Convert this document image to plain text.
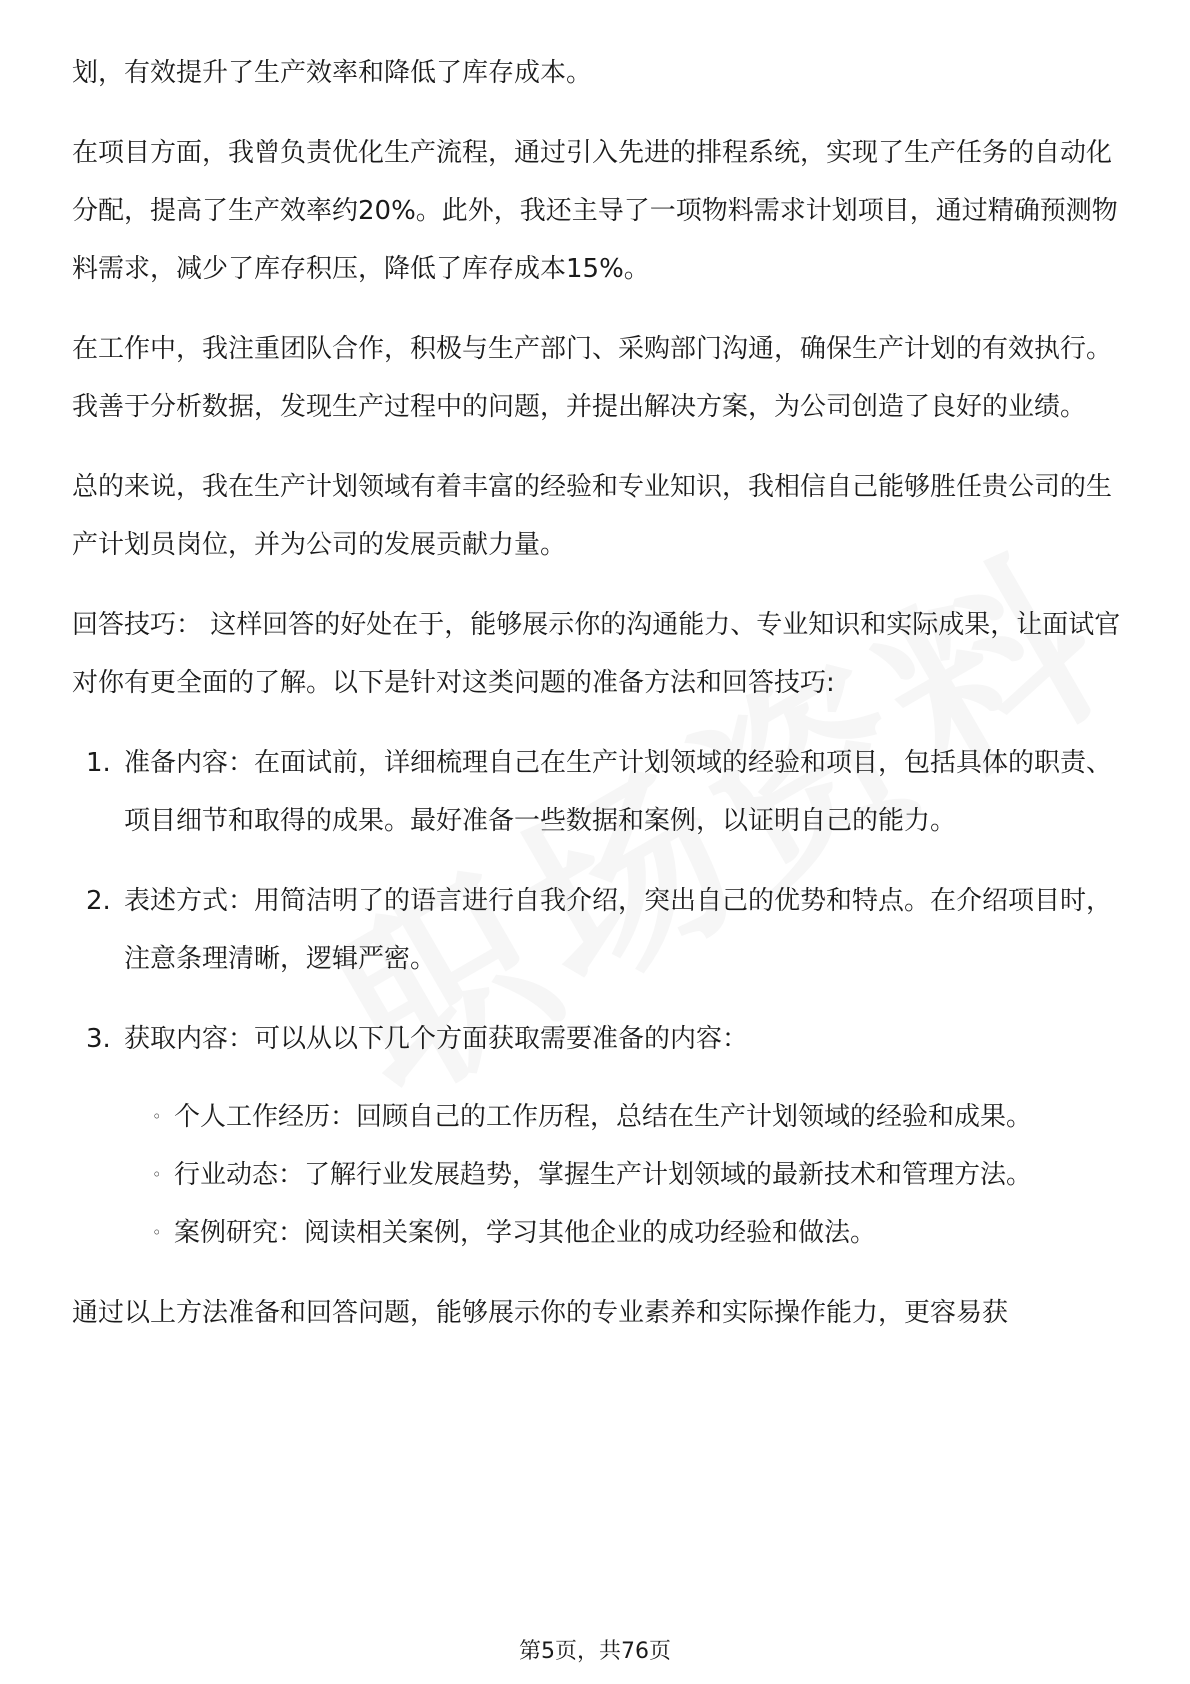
划，有效提升了生产效率和降低了库存成本。

在项目方面，我曾负责优化生产流程，通过引入先进的排程系统，实现了生产任务的自动化分配，提高了生产效率约20%。此外，我还主导了一项物料需求计划项目，通过精确预测物料需求，减少了库存积压，降低了库存成本15%。

在工作中，我注重团队合作，积极与生产部门、采购部门沟通，确保生产计划的有效执行。我善于分析数据，发现生产过程中的问题，并提出解决方案，为公司创造了良好的业绩。

总的来说，我在生产计划领域有着丰富的经验和专业知识，我相信自己能够胜任贵公司的生产计划员岗位，并为公司的发展贡献力量。

回答技巧： 这样回答的好处在于，能够展示你的沟通能力、专业知识和实际成果，让面试官对你有更全面的了解。以下是针对这类问题的准备方法和回答技巧:

1. 准备内容：在面试前，详细梳理自己在生产计划领域的经验和项目，包括具体的职责、项目细节和取得的成果。最好准备一些数据和案例，以证明自己的能力。
2. 表述方式：用简洁明了的语言进行自我介绍，突出自己的优势和特点。在介绍项目时，注意条理清晰，逻辑严密。
3. 获取内容：可以从以下几个方面获取需要准备的内容：
◦ 个人工作经历：回顾自己的工作历程，总结在生产计划领域的经验和成果。
◦ 行业动态：了解行业发展趋势，掌握生产计划领域的最新技术和管理方法。
◦ 案例研究：阅读相关案例，学习其他企业的成功经验和做法。

通过以上方法准备和回答问题，能够展示你的专业素养和实际操作能力，更容易获

第5页，共76页
